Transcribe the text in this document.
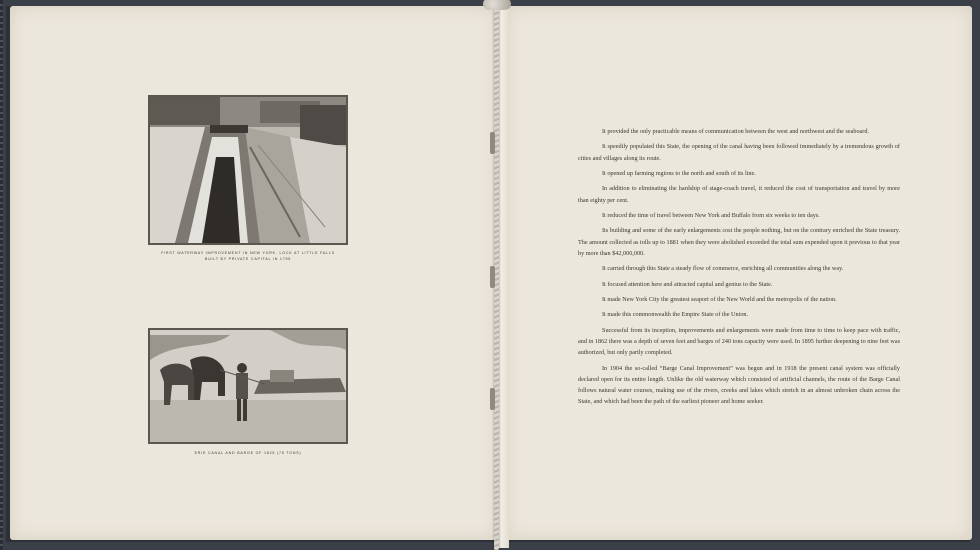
FIRST WATERWAY IMPROVEMENT IN NEW YORK. LOCK AT LITTLE FALLS
BUILT BY PRIVATE CAPITAL IN 1795
ERIE CANAL AND BARGE OF 1825 (75 TONS)

It provided the only practicable means of communication between the west and northwest and the seaboard.

It speedily populated this State, the opening of the canal having been followed immediately by a tremendous growth of cities and villages along its route.

It opened up farming regions to the north and south of its line.

In addition to eliminating the hardship of stage-coach travel, it reduced the cost of transportation and travel by more than eighty per cent.

It reduced the time of travel between New York and Buffalo from six weeks to ten days.

Its building and some of the early enlargements cost the people nothing, but on the contrary enriched the State treasury. The amount collected as tolls up to 1881 when they were abolished exceeded the total sum expended upon it previous to that year by more than $42,000,000.

It carried through this State a steady flow of commerce, enriching all communities along the way.

It focused attention here and attracted capital and genius to the State.

It made New York City the greatest seaport of the New World and the metropolis of the nation.

It made this commonwealth the Empire State of the Union.

Successful from its inception, improvements and enlargements were made from time to time to keep pace with traffic, and in 1862 there was a depth of seven feet and barges of 240 tons capacity were used. In 1895 further deepening to nine feet was authorized, but only partly completed.

In 1904 the so-called “Barge Canal Improvement” was begun and in 1918 the present canal system was officially declared open for its entire length. Unlike the old waterway which consisted of artificial channels, the route of the Barge Canal follows natural water courses, making use of the rivers, creeks and lakes which stretch in an almost unbroken chain across the State, and which had been the path of the earliest pioneer and home seeker.
